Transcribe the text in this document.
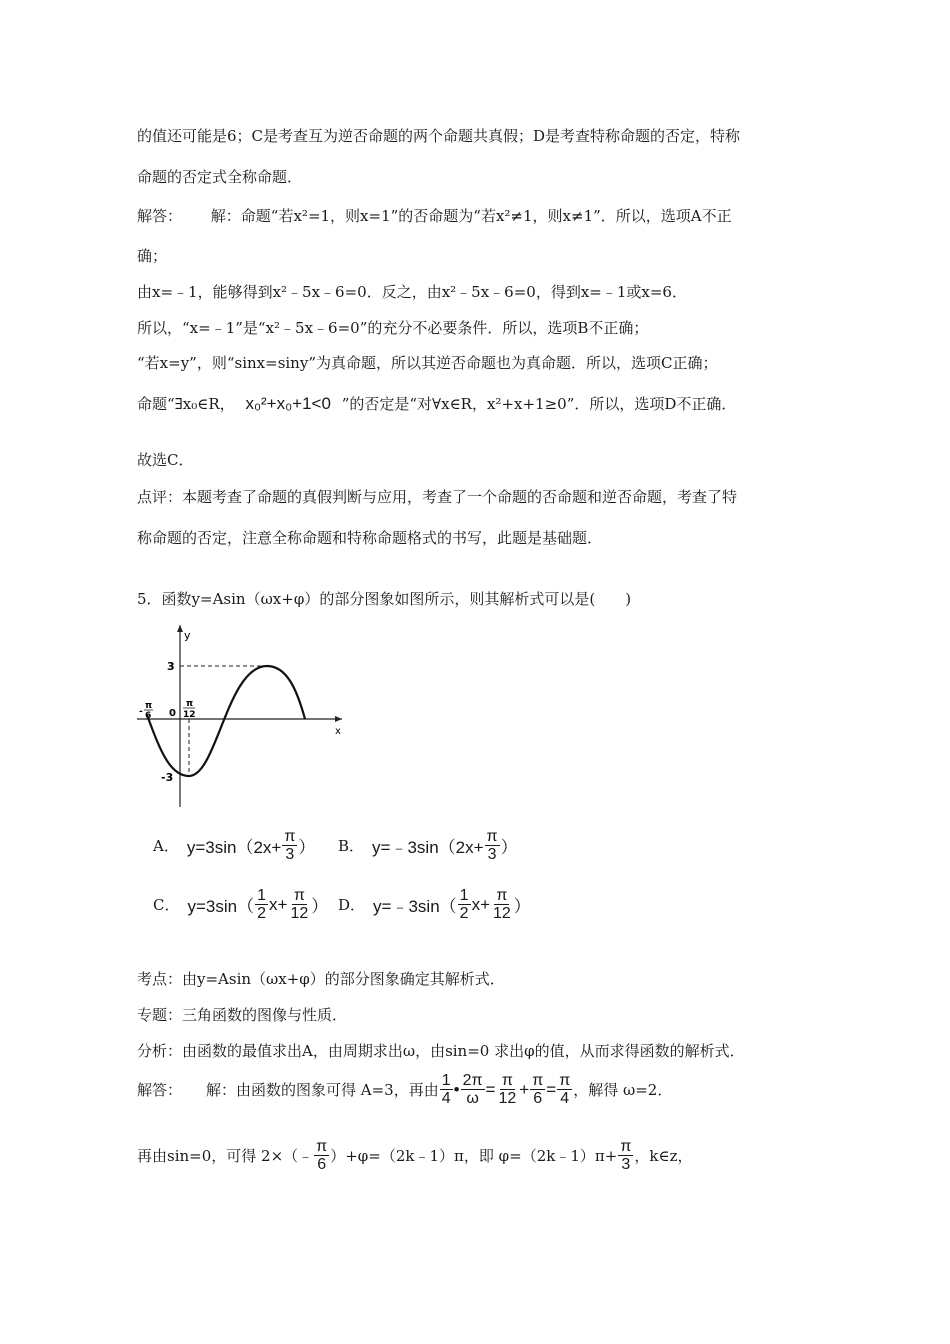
的值还可能是6；C是考查互为逆否命题的两个命题共真假；D是考查特称命题的否定，特称
命题的否定式全称命题．
解答： 解：命题“若x²=1，则x=1”的否命题为“若x²≠1，则x≠1”．所以，选项A不正
确；
由x=﹣1，能够得到x²﹣5x﹣6=0．反之，由x²﹣5x﹣6=0，得到x=﹣1或x=6．
所以，“x=﹣1”是“x²﹣5x﹣6=0”的充分不必要条件．所以，选项B不正确；
“若x=y”，则“sinx=siny”为真命题，所以其逆否命题也为真命题．所以，选项C正确；
命题“∃x₀∈R， x₀²+x₀+1<0 ”的否定是“对∀x∈R，x²+x+1≥0”．所以，选项D不正确．
故选C．
点评：本题考查了命题的真假判断与应用，考查了一个命题的否命题和逆否命题，考查了特
称命题的否定，注意全称命题和特称命题格式的书写，此题是基础题．
5．函数y=Asin（ωx+φ）的部分图象如图所示，则其解析式可以是(　　)
y
x
3
-3
0
-
π
6
π
12
A． $y=3\sin(2x+ \frac{\pi}{3}$ ） B． y=﹣3sin（2x+ $\frac{\pi}{3}$ ）
C． $y=3\sin( \frac{1}{2} x+ \frac{\pi}{12}$ ） D． y=﹣3sin（ $\frac{1}{2} x+ \frac{\pi}{12}$ ）
考点：由y=Asin（ωx+φ）的部分图象确定其解析式．
专题：三角函数的图像与性质．
分析：由函数的最值求出A，由周期求出ω，由sin=0 求出φ的值，从而求得函数的解析式．
解答： 解：由函数的图象可得 A=3，再由 $\frac{1}{4}$ • $\frac{2\pi}{\omega} = \frac{\pi}{12} + \frac{\pi}{6} = \frac{\pi}{4}$ ，解得 ω=2．
再由sin=0，可得 2×（﹣ $\frac{\pi}{6}$ ）+φ=（2k﹣1）π，即 φ=（2k﹣1）π+ $\frac{\pi}{3}$ ，k∈z，
